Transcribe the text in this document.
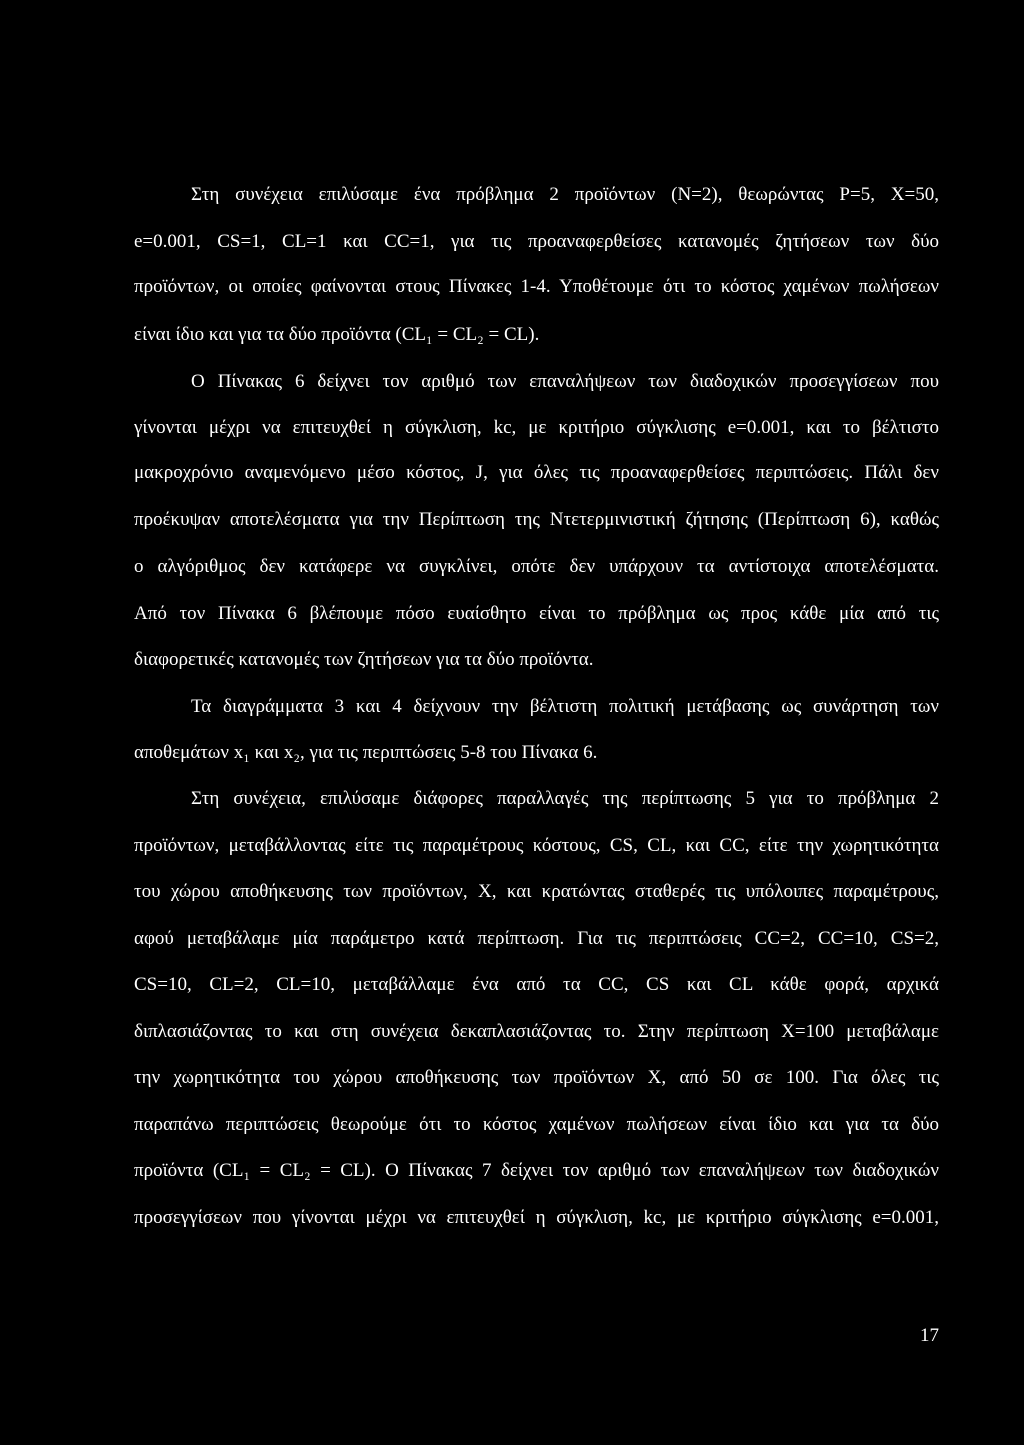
Στη συνέχεια επιλύσαμε ένα πρόβλημα 2 προϊόντων (Ν=2), θεωρώντας P=5, X=50,
e=0.001, CS=1, CL=1 και CC=1, για τις προαναφερθείσες κατανομές ζητήσεων των δύο
προϊόντων, οι οποίες φαίνονται στους Πίνακες 1-4. Υποθέτουμε ότι το κόστος χαμένων πωλήσεων
είναι ίδιο και για τα δύο προϊόντα (CL₁ = CL₂ = CL).
Ο Πίνακας 6 δείχνει τον αριθμό των επαναλήψεων των διαδοχικών προσεγγίσεων που
γίνονται μέχρι να επιτευχθεί η σύγκλιση, kc, με κριτήριο σύγκλισης e=0.001, και το βέλτιστο
μακροχρόνιο αναμενόμενο μέσο κόστος, J, για όλες τις προαναφερθείσες περιπτώσεις. Πάλι δεν
προέκυψαν αποτελέσματα για την Περίπτωση της Ντετερμινιστική ζήτησης (Περίπτωση 6), καθώς
ο αλγόριθμος δεν κατάφερε να συγκλίνει, οπότε δεν υπάρχουν τα αντίστοιχα αποτελέσματα.
Από τον Πίνακα 6 βλέπουμε πόσο ευαίσθητο είναι το πρόβλημα ως προς κάθε μία από τις
διαφορετικές κατανομές των ζητήσεων για τα δύο προϊόντα.
Τα διαγράμματα 3 και 4 δείχνουν την βέλτιστη πολιτική μετάβασης ως συνάρτηση των
αποθεμάτων x₁ και x₂, για τις περιπτώσεις 5-8 του Πίνακα 6.
Στη συνέχεια, επιλύσαμε διάφορες παραλλαγές της περίπτωσης 5 για το πρόβλημα 2
προϊόντων, μεταβάλλοντας είτε τις παραμέτρους κόστους, CS, CL, και CC, είτε την χωρητικότητα
του χώρου αποθήκευσης των προϊόντων, X, και κρατώντας σταθερές τις υπόλοιπες παραμέτρους,
αφού μεταβάλαμε μία παράμετρο κατά περίπτωση. Για τις περιπτώσεις CC=2, CC=10, CS=2,
CS=10, CL=2, CL=10, μεταβάλλαμε ένα από τα CC, CS και CL κάθε φορά, αρχικά
διπλασιάζοντας το και στη συνέχεια δεκαπλασιάζοντας το. Στην περίπτωση X=100 μεταβάλαμε
την χωρητικότητα του χώρου αποθήκευσης των προϊόντων X, από 50 σε 100. Για όλες τις
παραπάνω περιπτώσεις θεωρούμε ότι το κόστος χαμένων πωλήσεων είναι ίδιο και για τα δύο
προϊόντα (CL₁ = CL₂ = CL). Ο Πίνακας 7 δείχνει τον αριθμό των επαναλήψεων των διαδοχικών
προσεγγίσεων που γίνονται μέχρι να επιτευχθεί η σύγκλιση, kc, με κριτήριο σύγκλισης e=0.001,
17
